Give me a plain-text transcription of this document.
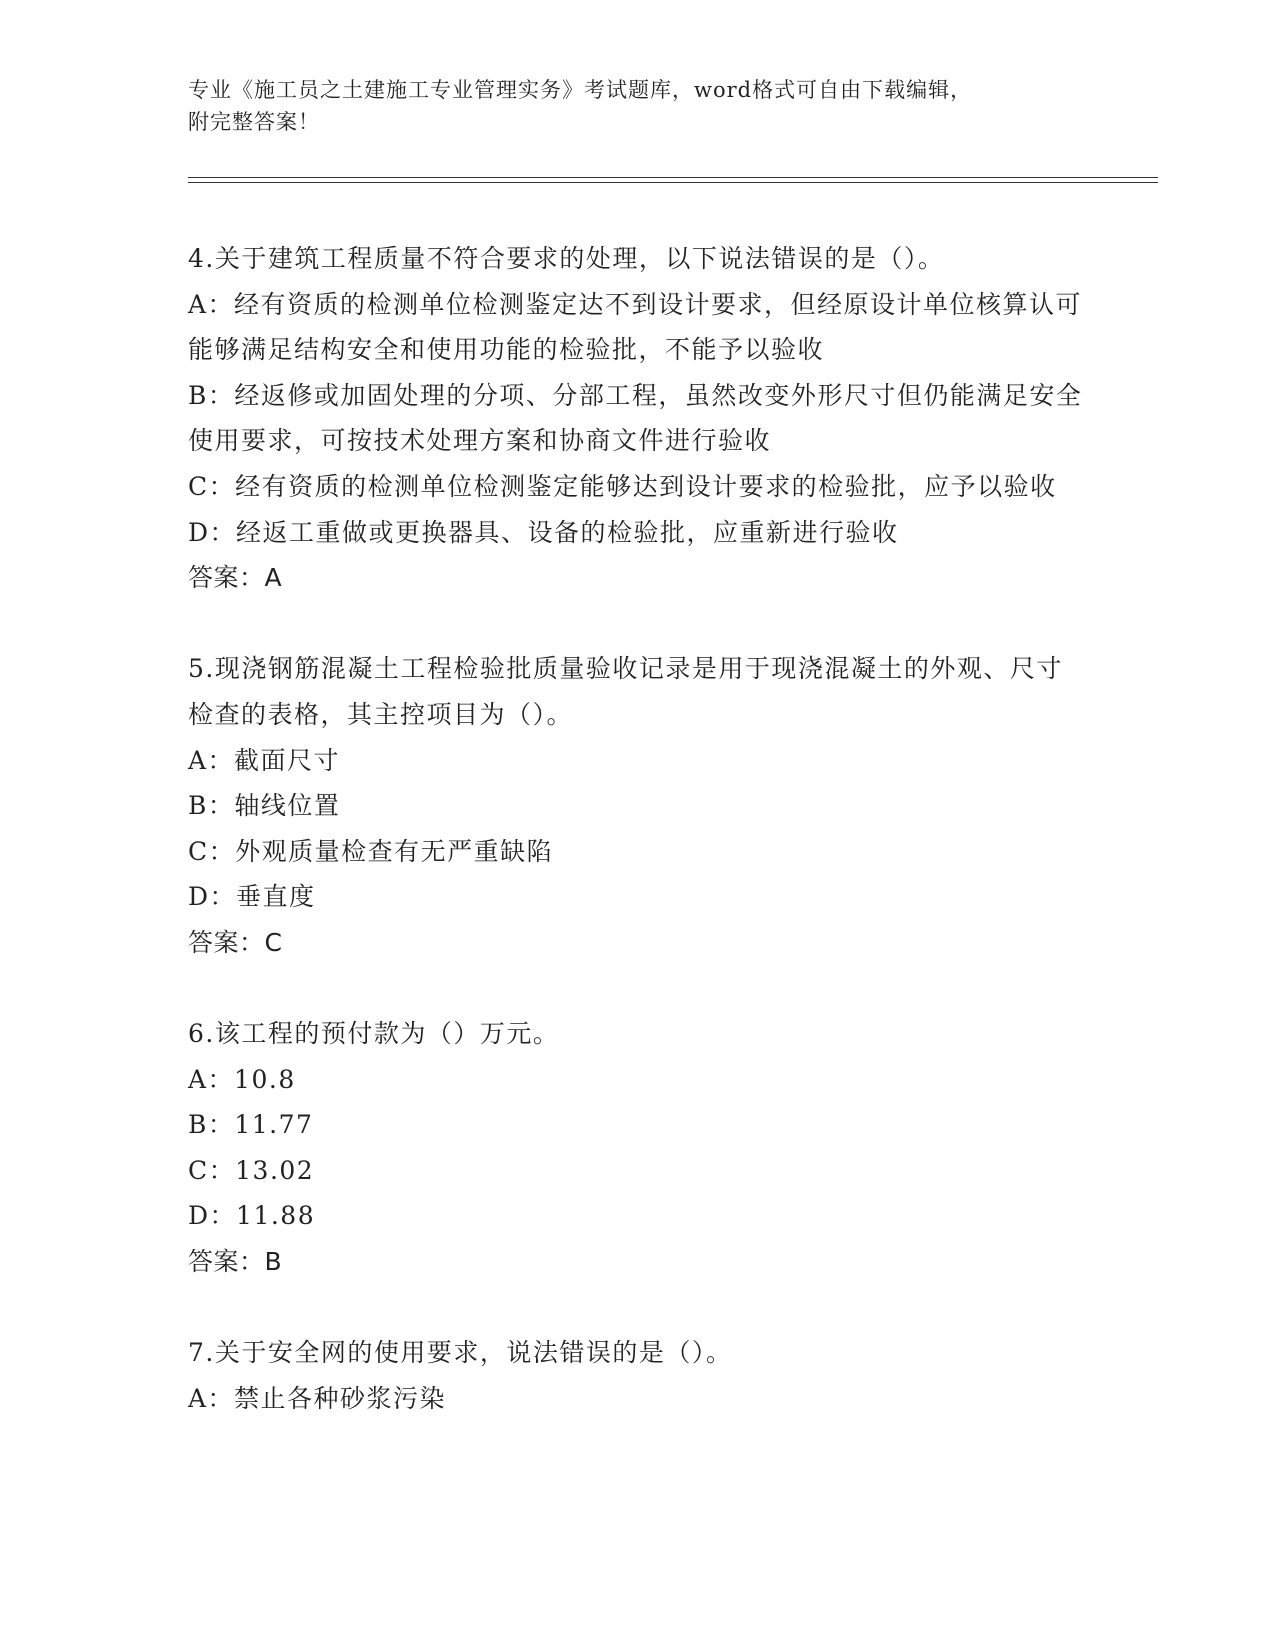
专业《施工员之土建施工专业管理实务》考试题库，word格式可自由下载编辑，
附完整答案！

4.关于建筑工程质量不符合要求的处理，以下说法错误的是（）。

A：经有资质的检测单位检测鉴定达不到设计要求，但经原设计单位核算认可能够满足结构安全和使用功能的检验批，不能予以验收

B：经返修或加固处理的分项、分部工程，虽然改变外形尺寸但仍能满足安全使用要求，可按技术处理方案和协商文件进行验收

C：经有资质的检测单位检测鉴定能够达到设计要求的检验批，应予以验收

D：经返工重做或更换器具、设备的检验批，应重新进行验收

答案：A

5.现浇钢筋混凝土工程检验批质量验收记录是用于现浇混凝土的外观、尺寸检查的表格，其主控项目为（）。

A：截面尺寸

B：轴线位置

C：外观质量检查有无严重缺陷

D：垂直度

答案：C

6.该工程的预付款为（）万元。

A：10.8

B：11.77

C：13.02

D：11.88

答案：B

7.关于安全网的使用要求，说法错误的是（）。

A：禁止各种砂浆污染
